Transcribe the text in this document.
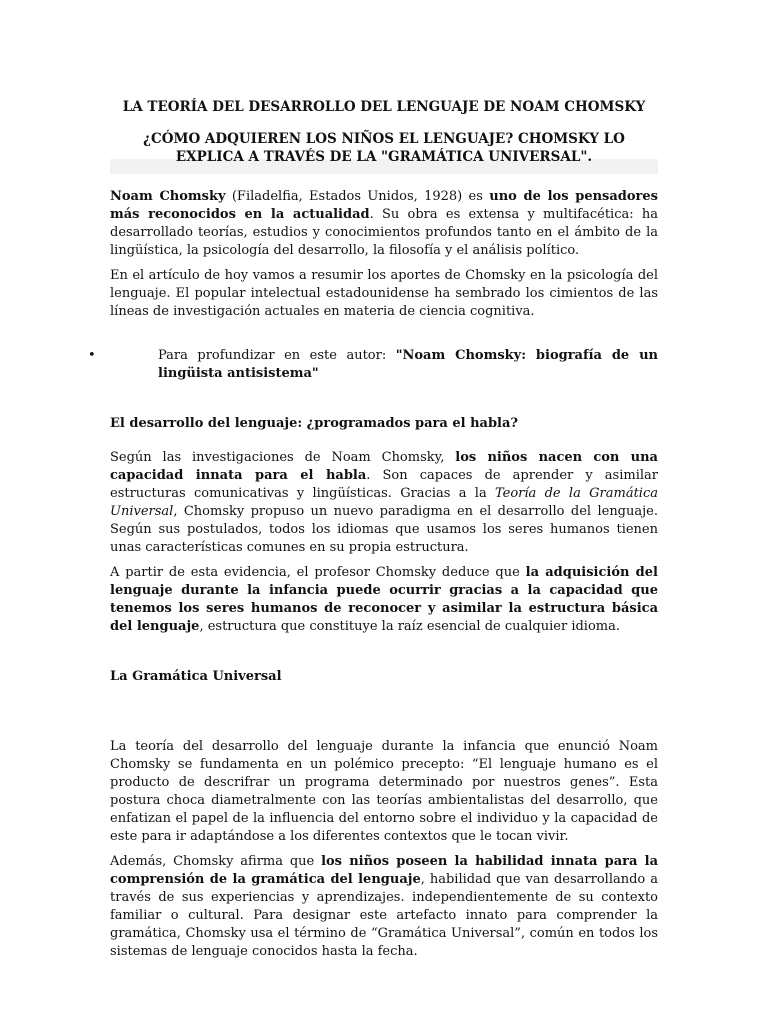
LA TEORÍA DEL DESARROLLO DEL LENGUAJE DE NOAM CHOMSKY
¿CÓMO ADQUIEREN LOS NIÑOS EL LENGUAJE? CHOMSKY LO EXPLICA A TRAVÉS DE LA "GRAMÁTICA UNIVERSAL".

Noam Chomsky (Filadelfia, Estados Unidos, 1928) es uno de los pensadores más reconocidos en la actualidad. Su obra es extensa y multifacética: ha desarrollado teorías, estudios y conocimientos profundos tanto en el ámbito de la lingüística, la psicología del desarrollo, la filosofía y el análisis político.

En el artículo de hoy vamos a resumir los aportes de Chomsky en la psicología del lenguaje. El popular intelectual estadounidense ha sembrado los cimientos de las líneas de investigación actuales en materia de ciencia cognitiva.

•	Para profundizar en este autor: "Noam Chomsky: biografía de un lingüista antisistema"
El desarrollo del lenguaje: ¿programados para el habla?

Según las investigaciones de Noam Chomsky, los niños nacen con una capacidad innata para el habla. Son capaces de aprender y asimilar estructuras comunicativas y lingüísticas. Gracias a la Teoría de la Gramática Universal, Chomsky propuso un nuevo paradigma en el desarrollo del lenguaje. Según sus postulados, todos los idiomas que usamos los seres humanos tienen unas características comunes en su propia estructura.

A partir de esta evidencia, el profesor Chomsky deduce que la adquisición del lenguaje durante la infancia puede ocurrir gracias a la capacidad que tenemos los seres humanos de reconocer y asimilar la estructura básica del lenguaje, estructura que constituye la raíz esencial de cualquier idioma.

La Gramática Universal

La teoría del desarrollo del lenguaje durante la infancia que enunció Noam Chomsky se fundamenta en un polémico precepto: “El lenguaje humano es el producto de descrifrar un programa determinado por nuestros genes”. Esta postura choca diametralmente con las teorías ambientalistas del desarrollo, que enfatizan el papel de la influencia del entorno sobre el individuo y la capacidad de este para ir adaptándose a los diferentes contextos que le tocan vivir.

Además, Chomsky afirma que los niños poseen la habilidad innata para la comprensión de la gramática del lenguaje, habilidad que van desarrollando a través de sus experiencias y aprendizajes. independientemente de su contexto familiar o cultural. Para designar este artefacto innato para comprender la gramática, Chomsky usa el término de “Gramática Universal”, común en todos los sistemas de lenguaje conocidos hasta la fecha.
